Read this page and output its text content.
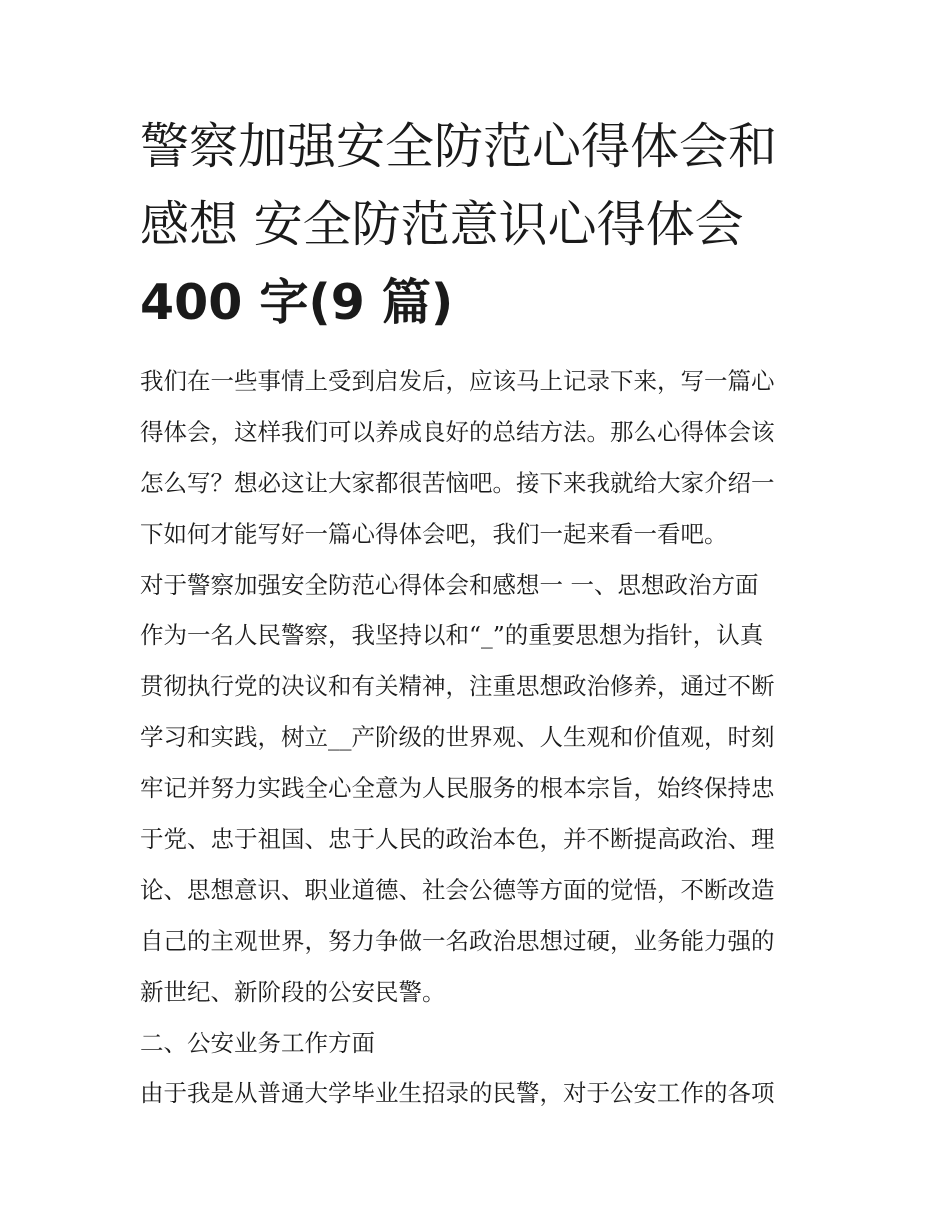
警察加强安全防范心得体会和
感想 安全防范意识心得体会
400 字(9 篇)

我们在一些事情上受到启发后，应该马上记录下来，写一篇心
得体会，这样我们可以养成良好的总结方法。那么心得体会该
怎么写？想必这让大家都很苦恼吧。接下来我就给大家介绍一
下如何才能写好一篇心得体会吧，我们一起来看一看吧。

对于警察加强安全防范心得体会和感想一 一、思想政治方面
作为一名人民警察，我坚持以和“_”的重要思想为指针，认真
贯彻执行党的决议和有关精神，注重思想政治修养，通过不断
学习和实践，树立__产阶级的世界观、人生观和价值观，时刻
牢记并努力实践全心全意为人民服务的根本宗旨，始终保持忠
于党、忠于祖国、忠于人民的政治本色，并不断提高政治、理
论、思想意识、职业道德、社会公德等方面的觉悟，不断改造
自己的主观世界，努力争做一名政治思想过硬，业务能力强的
新世纪、新阶段的公安民警。

二、公安业务工作方面
由于我是从普通大学毕业生招录的民警，对于公安工作的各项
